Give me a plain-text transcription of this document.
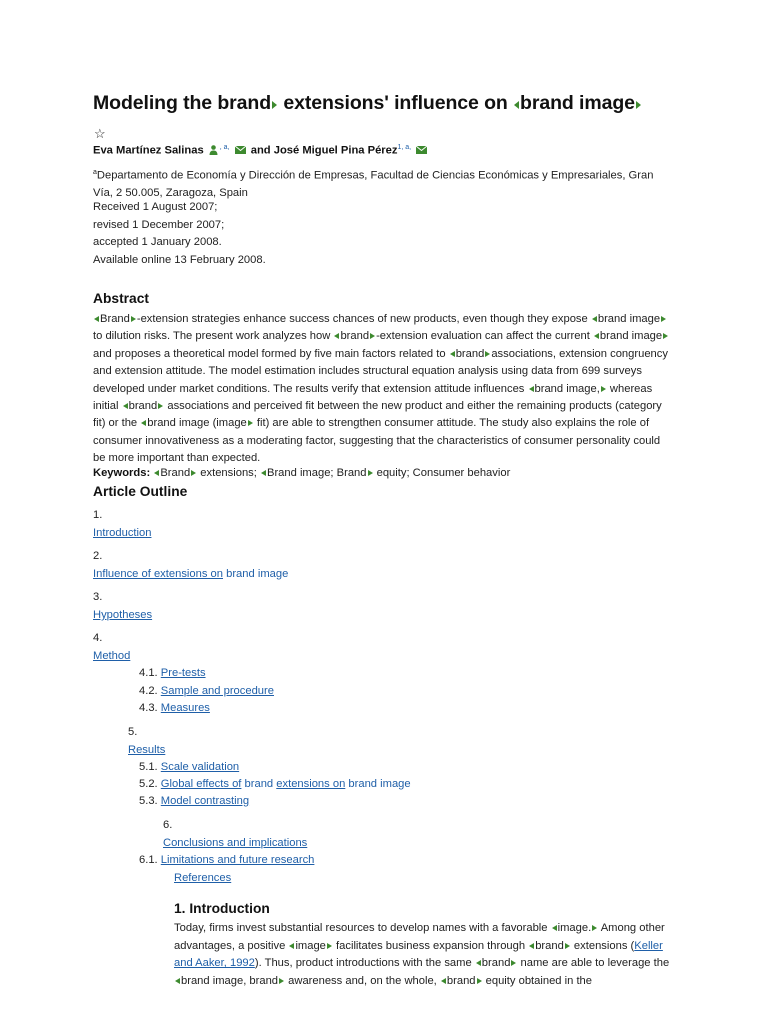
Modeling the brand extensions' influence on brand image
☆
Eva Martínez Salinas $^{, a,}$  and José Miguel Pina Pérez$^{1, a,}$
$^a$Departamento de Economía y Dirección de Empresas, Facultad de Ciencias Económicas y Empresariales, Gran Vía, 2 50.005, Zaragoza, Spain
Received 1 August 2007;
revised 1 December 2007;
accepted 1 January 2008.
Available online 13 February 2008.
Abstract

Brand -extension strategies enhance success chances of new products, even though they expose brand image to dilution risks. The present work analyzes how brand -extension evaluation can affect the current brand image and proposes a theoretical model formed by five main factors related to brand associations, extension congruency and extension attitude. The model estimation includes structural equation analysis using data from 699 surveys developed under market conditions. The results verify that extension attitude influences brand image, whereas initial brand associations and perceived fit between the new product and either the remaining products (category fit) or the brand image (image fit) are able to strengthen consumer attitude. The study also explains the role of consumer innovativeness as a moderating factor, suggesting that the characteristics of consumer personality could be more important than expected.

Keywords: Brand extensions; Brand image; Brand equity; Consumer behavior
Article Outline
1.
Introduction
2.
Influence of extensions on brand image
3.
Hypotheses
4.
Method
4.1. Pre-tests
4.2. Sample and procedure
4.3. Measures
5.
Results
5.1. Scale validation
5.2. Global effects of brand extensions on brand image
5.3. Model contrasting
6.
Conclusions and implications
6.1. Limitations and future research
References
1. Introduction

Today, firms invest substantial resources to develop names with a favorable image. Among other advantages, a positive image facilitates business expansion through brand extensions (Keller and Aaker, 1992). Thus, product introductions with the same brand name are able to leverage the brand image, brand awareness and, on the whole, brand equity obtained in the
